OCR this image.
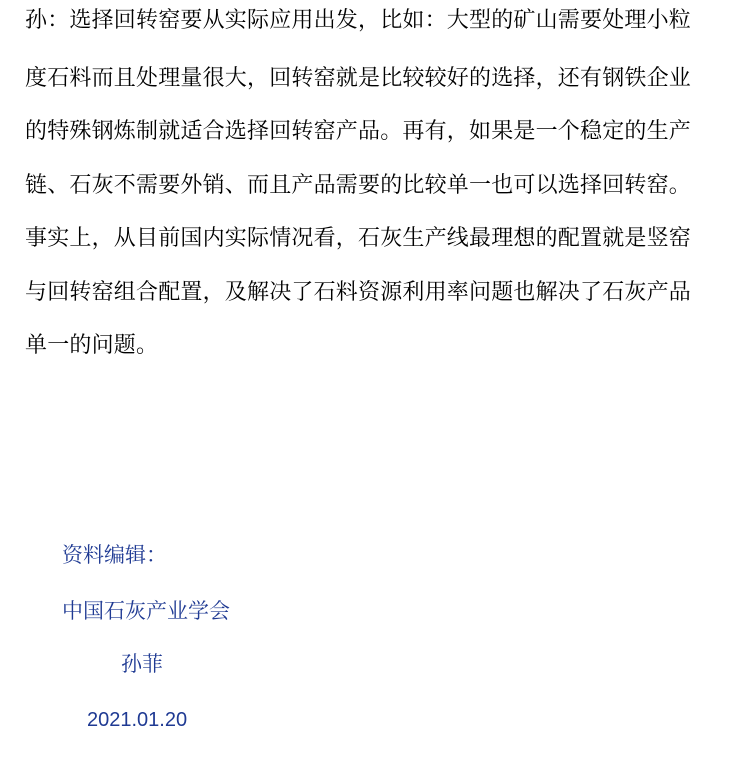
孙：选择回转窑要从实际应用出发，比如：大型的矿山需要处理小粒
度石料而且处理量很大，回转窑就是比较较好的选择，还有钢铁企业
的特殊钢炼制就适合选择回转窑产品。再有，如果是一个稳定的生产
链、石灰不需要外销、而且产品需要的比较单一也可以选择回转窑。
事实上，从目前国内实际情况看，石灰生产线最理想的配置就是竖窑
与回转窑组合配置，及解决了石料资源利用率问题也解决了石灰产品
单一的问题。
资料编辑：
中国石灰产业学会
孙菲
2021.01.20
